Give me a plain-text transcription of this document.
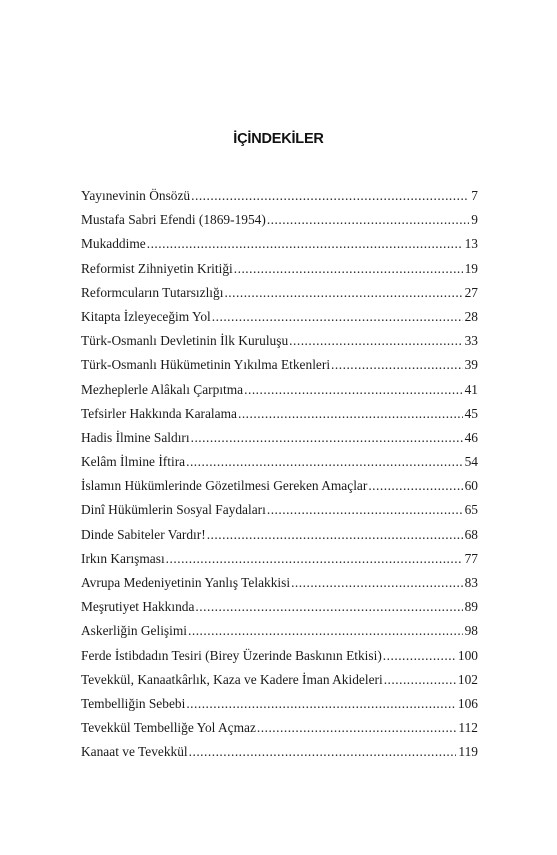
İÇİNDEKİLER
Yayınevinin Önsözü .....	7
Mustafa Sabri Efendi (1869-1954) .....	9
Mukaddime .....	13
Reformist Zihniyetin Kritiği .....	19
Reformcuların Tutarsızlığı .....	27
Kitapta İzleyeceğim Yol .....	28
Türk-Osmanlı Devletinin İlk Kuruluşu .....	33
Türk-Osmanlı Hükümetinin Yıkılma Etkenleri .....	39
Mezheplerle Alâkalı Çarpıtma .....	41
Tefsirler Hakkında Karalama .....	45
Hadis İlmine Saldırı .....	46
Kelâm İlmine İftira .....	54
İslamın Hükümlerinde Gözetilmesi Gereken Amaçlar .....	60
Dinî Hükümlerin Sosyal Faydaları .....	65
Dinde Sabiteler Vardır! .....	68
Irkın Karışması .....	77
Avrupa Medeniyetinin Yanlış Telakkisi .....	83
Meşrutiyet Hakkında .....	89
Askerliğin Gelişimi .....	98
Ferde İstibdadın Tesiri (Birey Üzerinde Baskının Etkisi) .....	100
Tevekkül, Kanaatkârlık, Kaza ve Kadere İman Akideleri .....	102
Tembelliğin Sebebi .....	106
Tevekkül Tembelliğe Yol Açmaz .....	112
Kanaat ve Tevekkül .....	119
